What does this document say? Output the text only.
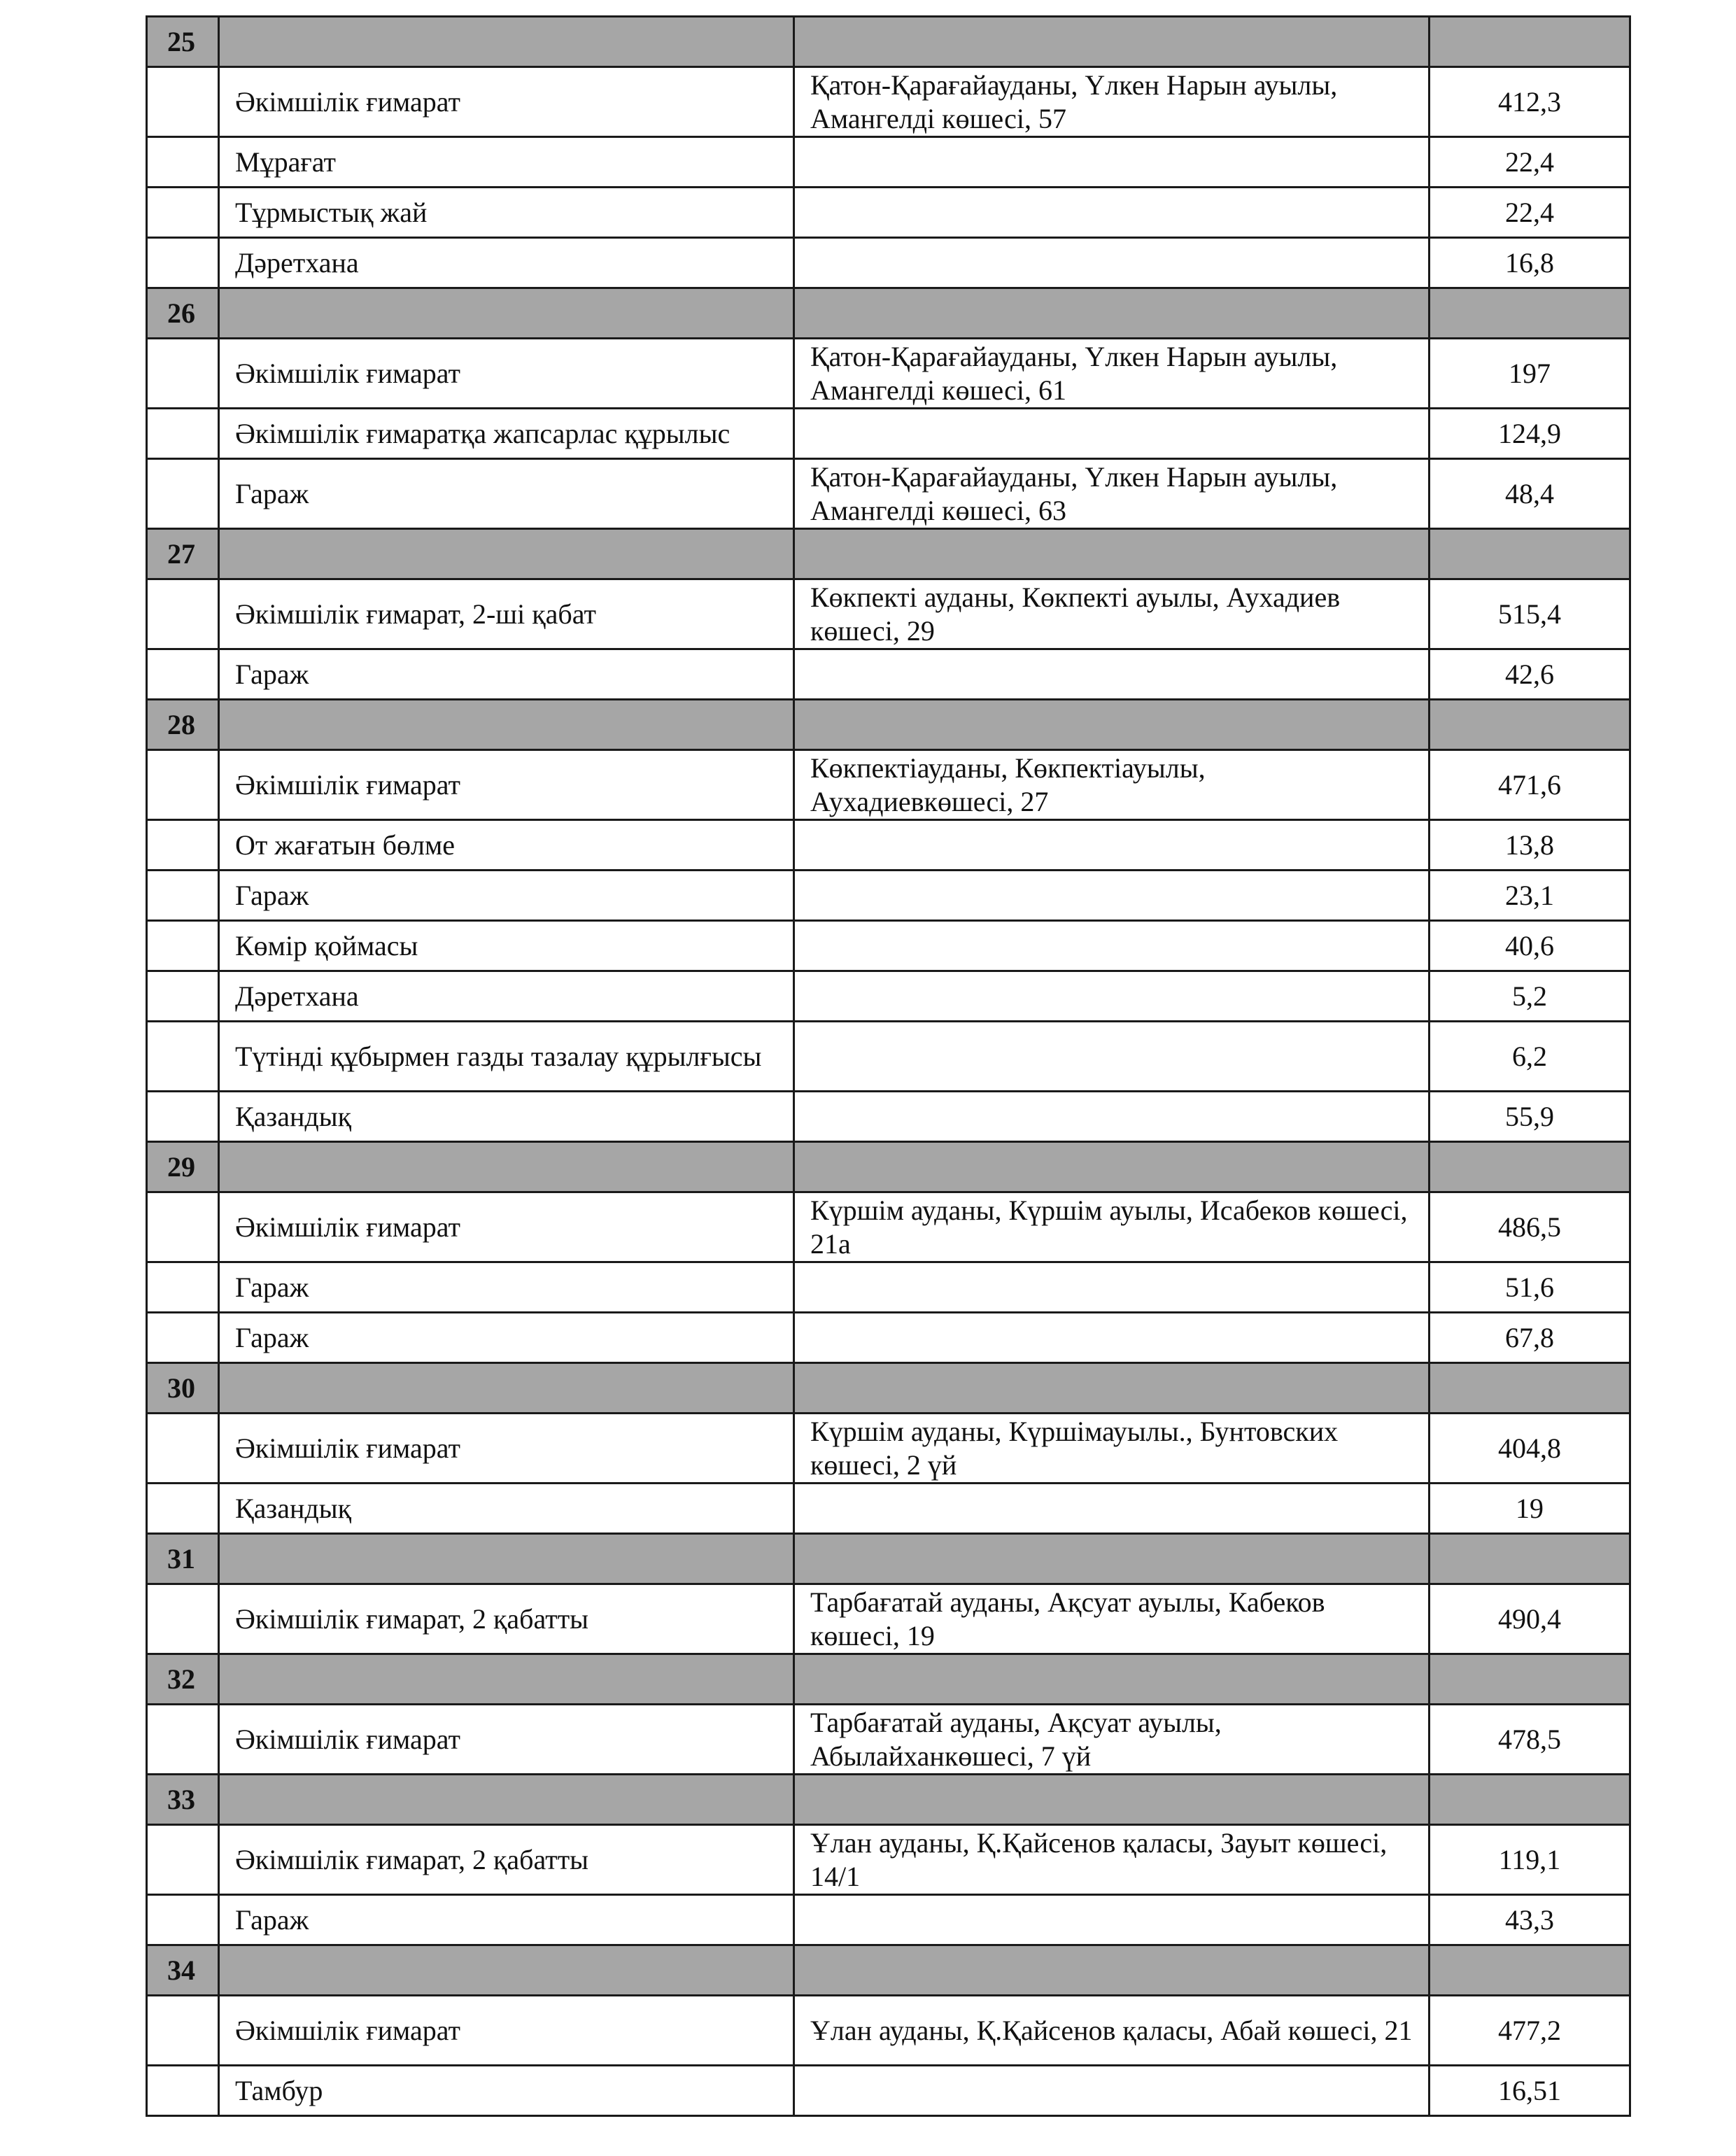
25			
	Әкімшілік ғимарат	Қатон-Қарағайауданы, Үлкен Нарын ауылы, Амангелді көшесі, 57	412,3
	Мұрағат		22,4
	Тұрмыстық жай		22,4
	Дәретхана		16,8
26			
	Әкімшілік ғимарат	Қатон-Қарағайауданы, Үлкен Нарын ауылы, Амангелді көшесі, 61	197
	Әкімшілік ғимаратқа жапсарлас құрылыс		124,9
	Гараж	Қатон-Қарағайауданы, Үлкен Нарын ауылы, Амангелді көшесі, 63	48,4
27			
	Әкімшілік ғимарат, 2-ші қабат	Көкпекті ауданы, Көкпекті ауылы, Аухадиев көшесі, 29	515,4
	Гараж		42,6
28			
	Әкімшілік ғимарат	Көкпектіауданы, Көкпектіауылы, Аухадиевкөшесі, 27	471,6
	От жағатын бөлме		13,8
	Гараж		23,1
	Көмір қоймасы		40,6
	Дәретхана		5,2
	Түтінді құбырмен газды тазалау құрылғысы		6,2
	Қазандық		55,9
29			
	Әкімшілік ғимарат	Күршім ауданы, Күршім ауылы, Исабеков көшесі, 21а	486,5
	Гараж		51,6
	Гараж		67,8
30			
	Әкімшілік ғимарат	Күршім ауданы, Күршімауылы., Бунтовских көшесі, 2 үй	404,8
	Қазандық		19
31			
	Әкімшілік ғимарат, 2 қабатты	Тарбағатай ауданы, Ақсуат ауылы, Кабеков көшесі, 19	490,4
32			
	Әкімшілік ғимарат	Тарбағатай ауданы, Ақсуат ауылы, Абылайханкөшесі, 7 үй	478,5
33			
	Әкімшілік ғимарат, 2 қабатты	Ұлан ауданы, Қ.Қайсенов қаласы, Зауыт көшесі, 14/1	119,1
	Гараж		43,3
34			
	Әкімшілік ғимарат	Ұлан ауданы, Қ.Қайсенов қаласы, Абай көшесі, 21	477,2
	Тамбур		16,51
